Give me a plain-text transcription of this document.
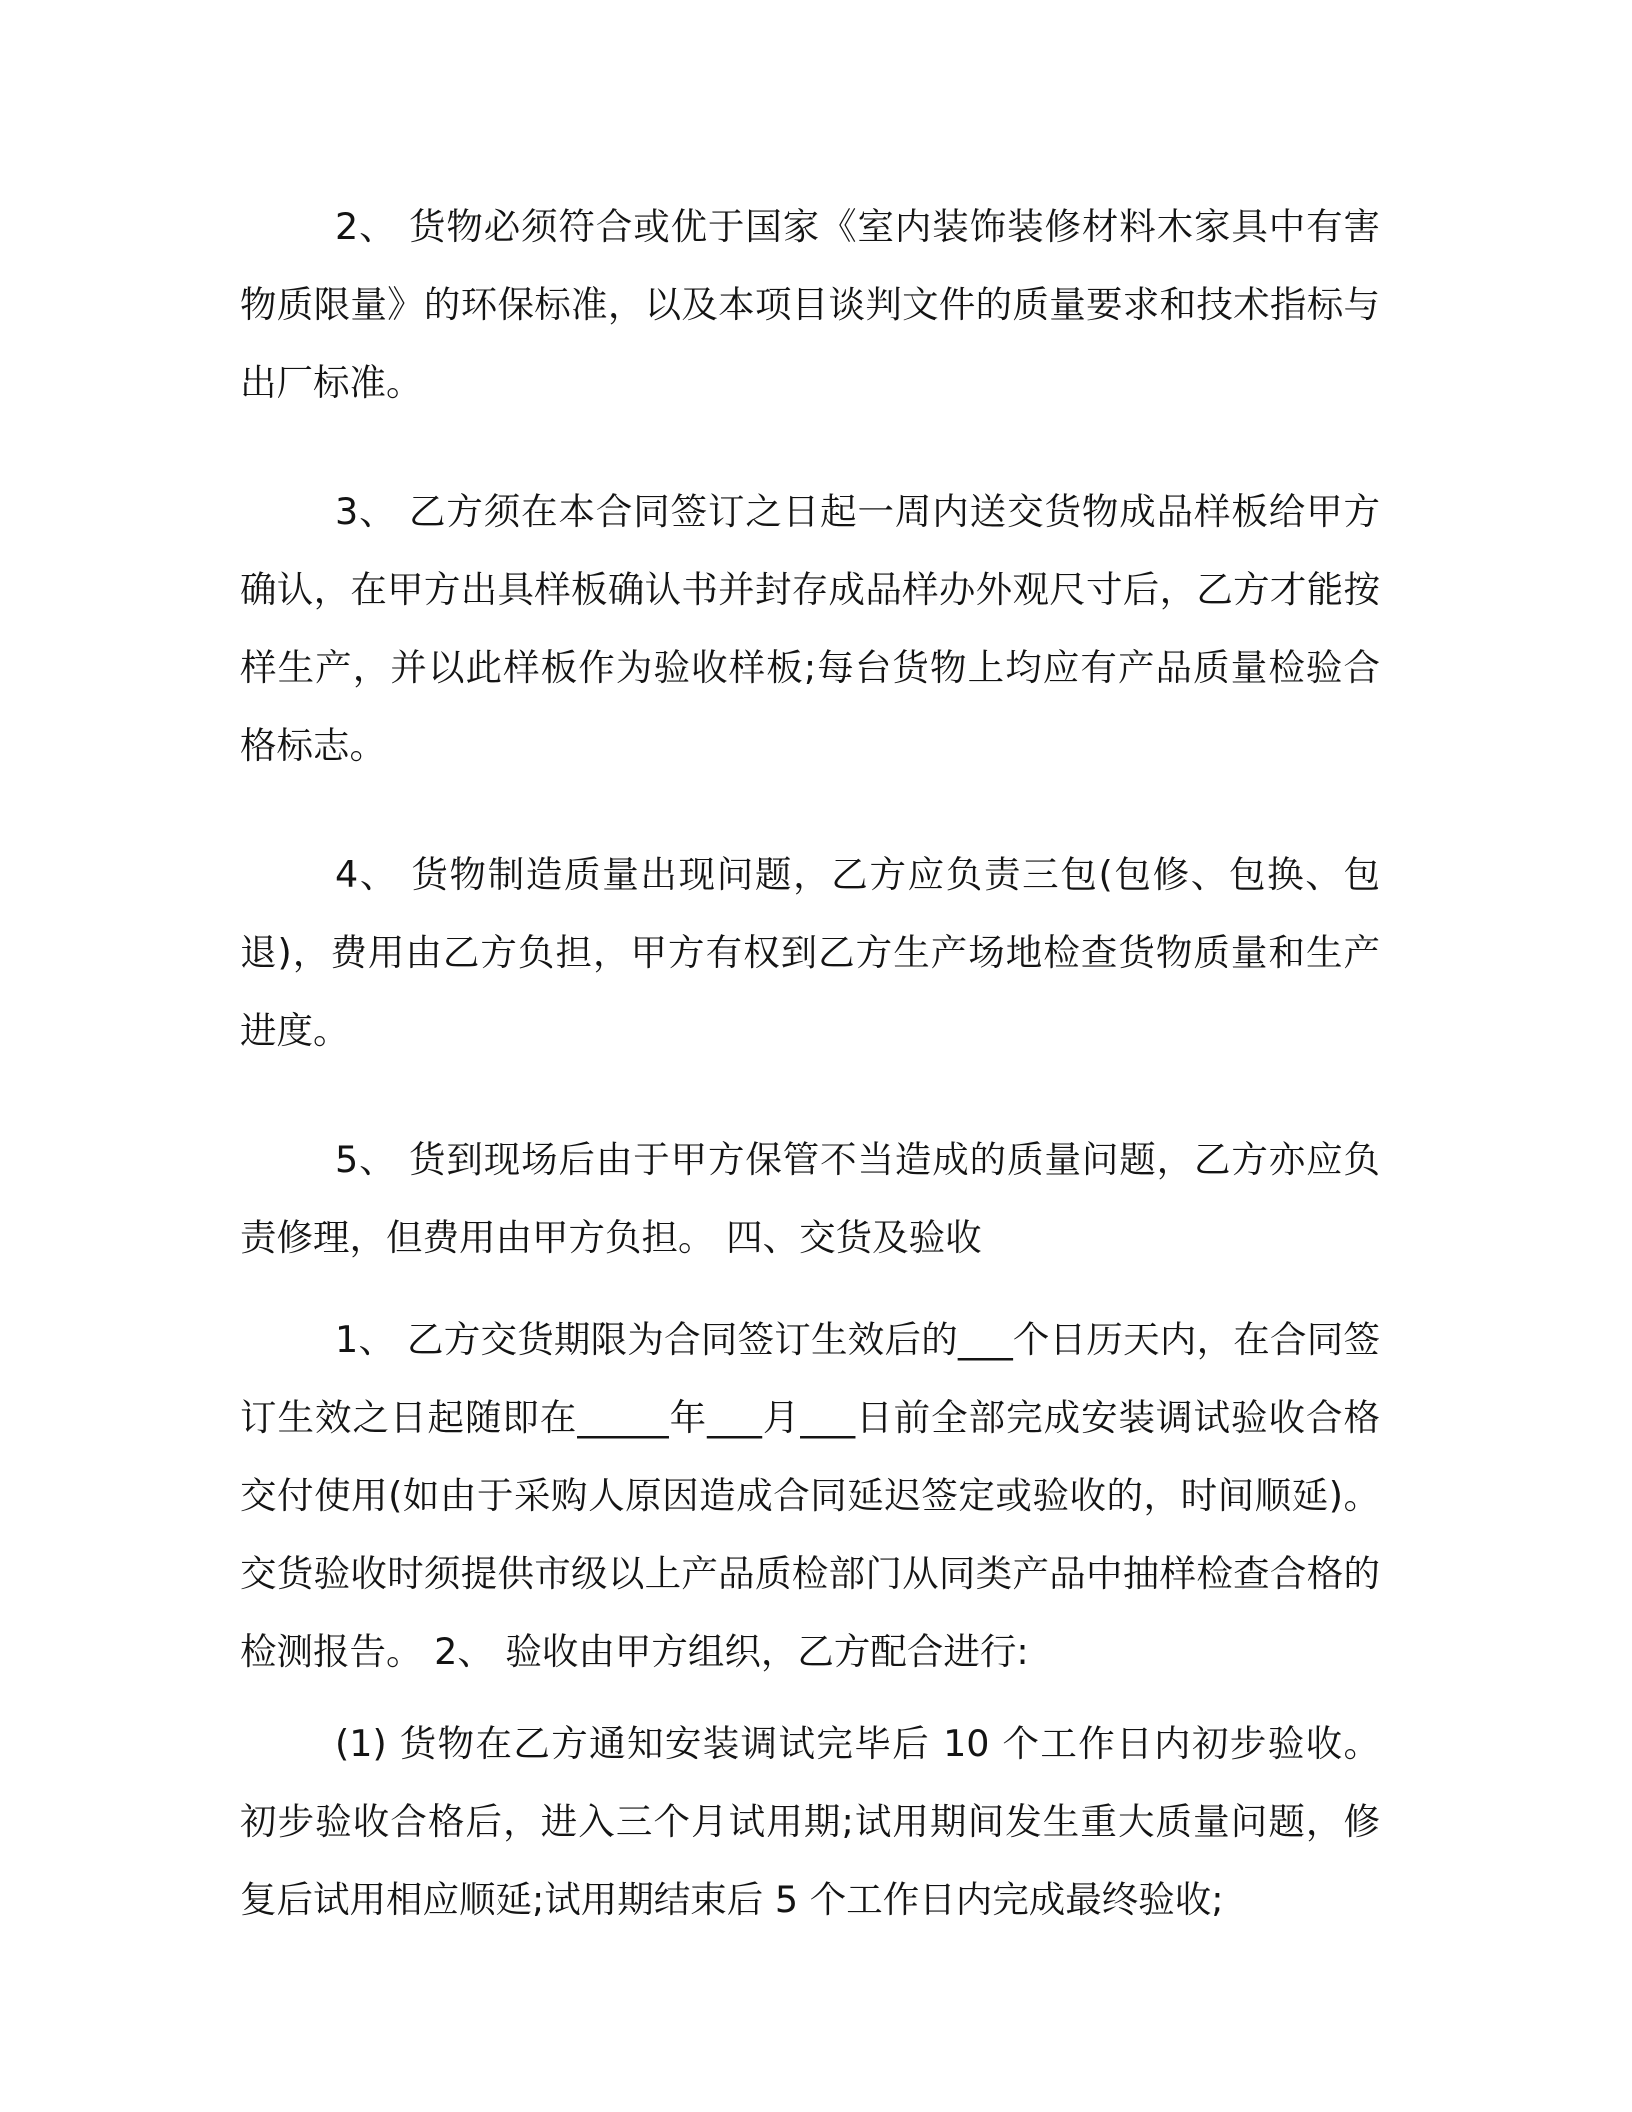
2、 货物必须符合或优于国家《室内装饰装修材料木家具中有害物质限量》的环保标准，以及本项目谈判文件的质量要求和技术指标与出厂标准。

3、 乙方须在本合同签订之日起一周内送交货物成品样板给甲方确认，在甲方出具样板确认书并封存成品样办外观尺寸后，乙方才能按样生产，并以此样板作为验收样板;每台货物上均应有产品质量检验合格标志。

4、 货物制造质量出现问题，乙方应负责三包(包修、包换、包退)，费用由乙方负担，甲方有权到乙方生产场地检查货物质量和生产进度。

5、 货到现场后由于甲方保管不当造成的质量问题，乙方亦应负责修理，但费用由甲方负担。 四、交货及验收

1、 乙方交货期限为合同签订生效后的___个日历天内，在合同签订生效之日起随即在_____年___月___日前全部完成安装调试验收合格交付使用(如由于采购人原因造成合同延迟签定或验收的，时间顺延)。交货验收时须提供市级以上产品质检部门从同类产品中抽样检查合格的检测报告。 2、 验收由甲方组织，乙方配合进行:

(1) 货物在乙方通知安装调试完毕后 10 个工作日内初步验收。初步验收合格后，进入三个月试用期;试用期间发生重大质量问题，修复后试用相应顺延;试用期结束后 5 个工作日内完成最终验收;
